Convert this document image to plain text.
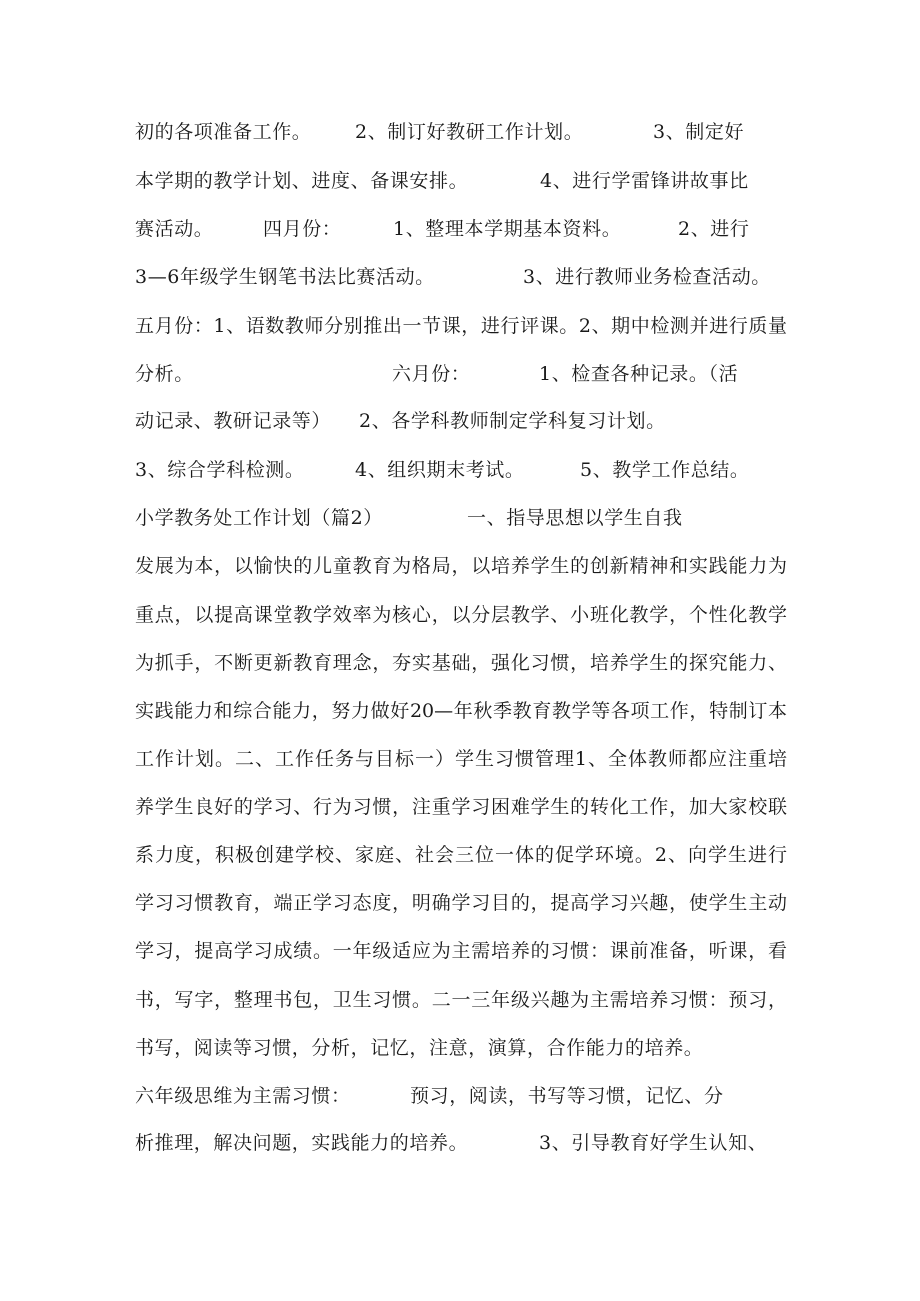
初的各项准备工作。

2、制订好教研工作计划。

	3、制定好

本学期的教学计划、进度、备课安排。

	4、进行学雷锋讲故事比

赛活动。

	四月份：

	1、整理本学期基本资料。

	2、进行

3—6年级学生钢笔书法比赛活动。

	3、进行教师业务检查活动。

五月份：1、语数教师分别推出一节课，进行评课。2、期中检测并进行质量

分析。

	六月份：

	1、检查各种记录。（活

动记录、教研记录等）

2、各学科教师制定学科复习计划。

3、综合学科检测。

	4、组织期末考试。

	5、教学工作总结。

小学教务处工作计划（篇2）

	一、指导思想以学生自我

发展为本，以愉快的儿童教育为格局，以培养学生的创新精神和实践能力为

重点，以提高课堂教学效率为核心，以分层教学、小班化教学，个性化教学

为抓手，不断更新教育理念，夯实基础，强化习惯，培养学生的探究能力、

实践能力和综合能力，努力做好20—年秋季教育教学等各项工作，特制订本

工作计划。二、工作任务与目标一）学生习惯管理1、全体教师都应注重培

养学生良好的学习、行为习惯，注重学习困难学生的转化工作，加大家校联

系力度，积极创建学校、家庭、社会三位一体的促学环境。2、向学生进行

学习习惯教育，端正学习态度，明确学习目的，提高学习兴趣，使学生主动

学习，提高学习成绩。一年级适应为主需培养的习惯：课前准备，听课，看

书，写字，整理书包，卫生习惯。二一三年级兴趣为主需培养习惯：预习，

书写，阅读等习惯，分析，记忆，注意，演算，合作能力的培养。

六年级思维为主需习惯：

	预习，阅读，书写等习惯，记忆、分

析推理，解决问题，实践能力的培养。

	3、引导教育好学生认知、
